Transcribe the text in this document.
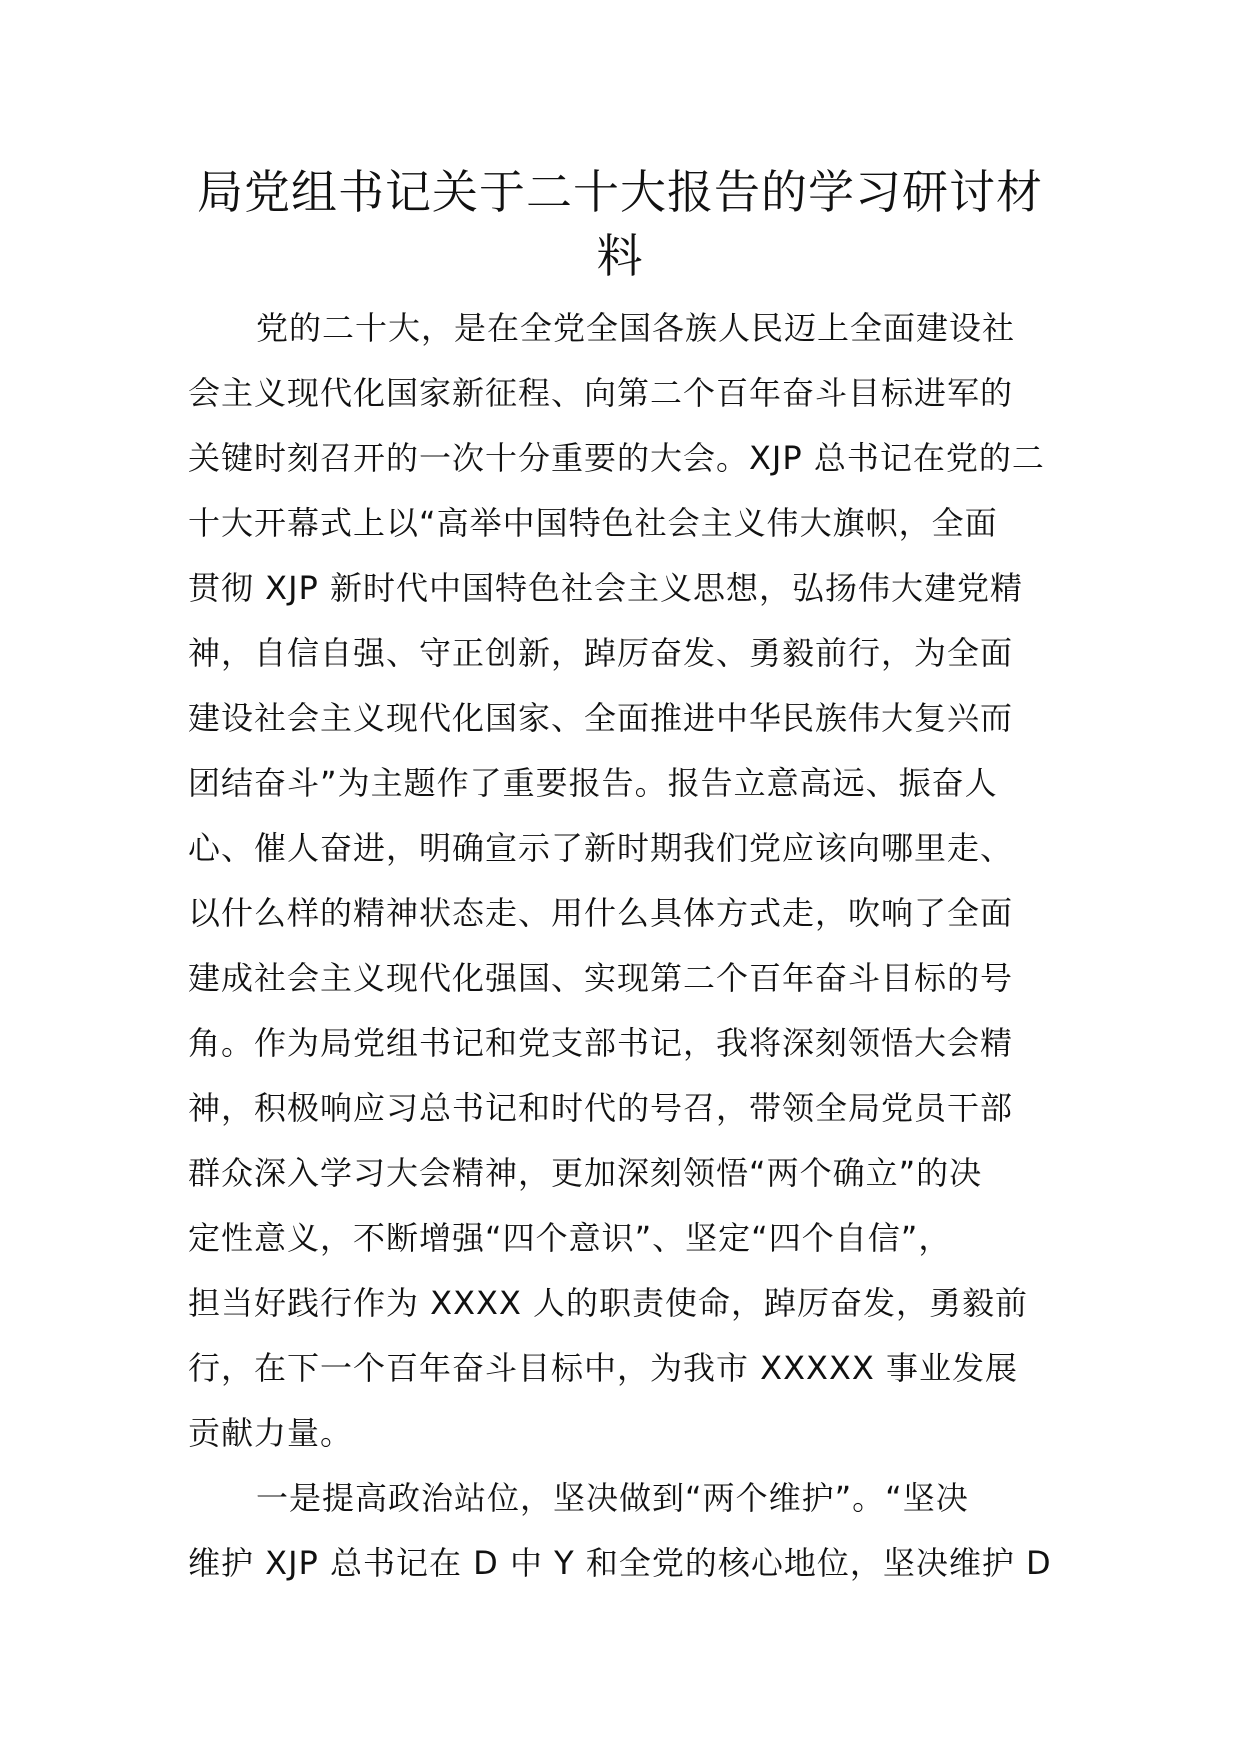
局党组书记关于二十大报告的学习研讨材
料

党的二十大，是在全党全国各族人民迈上全面建设社
会主义现代化国家新征程、向第二个百年奋斗目标进军的
关键时刻召开的一次十分重要的大会。XJP 总书记在党的二
十大开幕式上以“高举中国特色社会主义伟大旗帜，全面
贯彻 XJP 新时代中国特色社会主义思想，弘扬伟大建党精
神，自信自强、守正创新，踔厉奋发、勇毅前行，为全面
建设社会主义现代化国家、全面推进中华民族伟大复兴而
团结奋斗”为主题作了重要报告。报告立意高远、振奋人
心、催人奋进，明确宣示了新时期我们党应该向哪里走、
以什么样的精神状态走、用什么具体方式走，吹响了全面
建成社会主义现代化强国、实现第二个百年奋斗目标的号
角。作为局党组书记和党支部书记，我将深刻领悟大会精
神，积极响应习总书记和时代的号召，带领全局党员干部
群众深入学习大会精神，更加深刻领悟“两个确立”的决
定性意义，不断增强“四个意识”、坚定“四个自信”，
担当好践行作为 XXXX 人的职责使命，踔厉奋发，勇毅前
行，在下一个百年奋斗目标中，为我市 XXXXX 事业发展
贡献力量。

一是提高政治站位，坚决做到“两个维护”。“坚决
维护 XJP 总书记在 D 中 Y 和全党的核心地位，坚决维护 D
